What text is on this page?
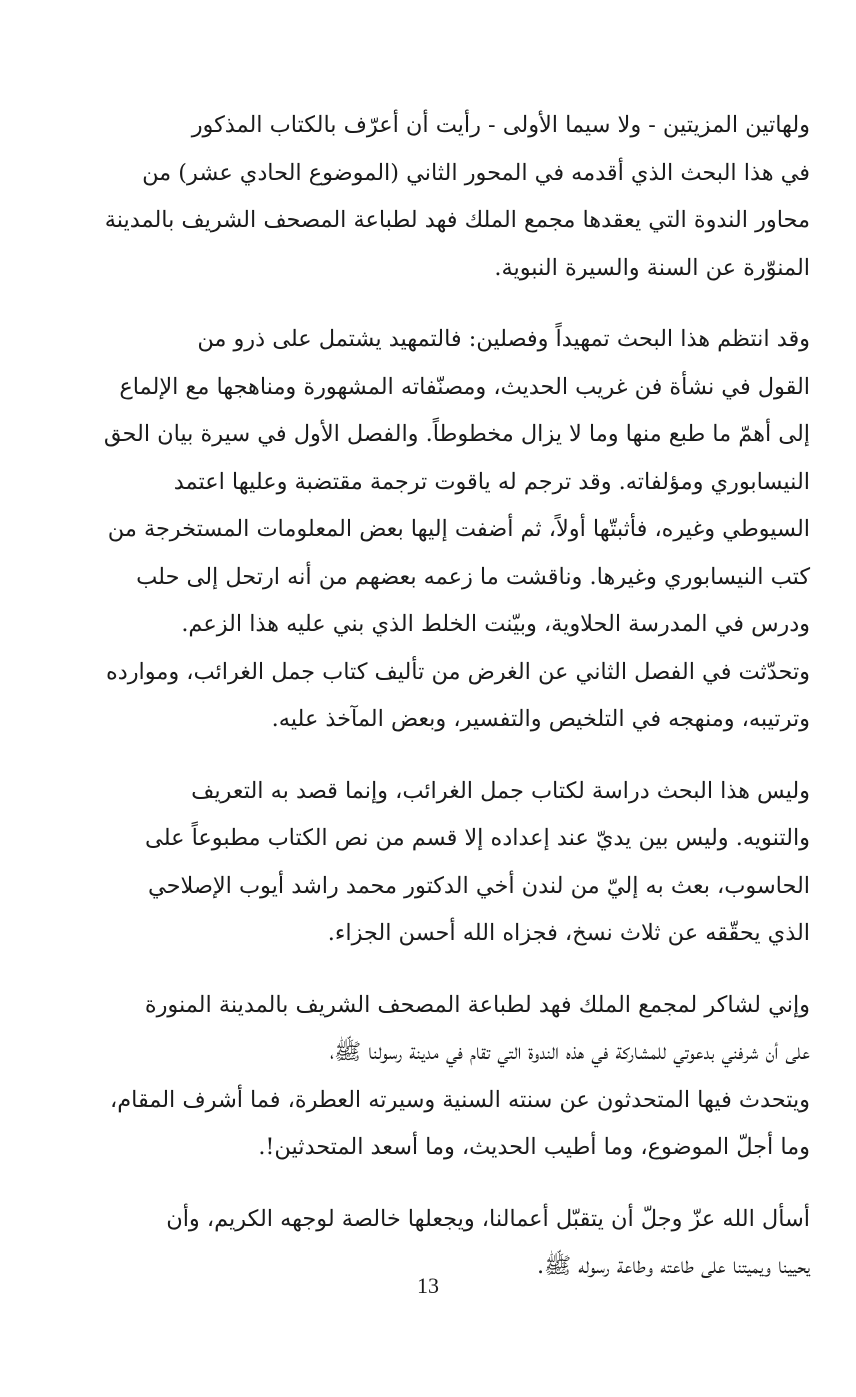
ولهاتين المزيتين - ولا سيما الأولى - رأيت أن أعرّف بالكتاب المذكور
في هذا البحث الذي أقدمه في المحور الثاني (الموضوع الحادي عشر) من
محاور الندوة التي يعقدها مجمع الملك فهد لطباعة المصحف الشريف بالمدينة
المنوّرة عن السنة والسيرة النبوية.

وقد انتظم هذا البحث تمهيداً وفصلين: فالتمهيد يشتمل على ذرو من
القول في نشأة فن غريب الحديث، ومصنّفاته المشهورة ومناهجها مع الإلماع
إلى أهمّ ما طبع منها وما لا يزال مخطوطاً. والفصل الأول في سيرة بيان الحق
النيسابوري ومؤلفاته. وقد ترجم له ياقوت ترجمة مقتضبة وعليها اعتمد
السيوطي وغيره، فأثبتّها أولاً، ثم أضفت إليها بعض المعلومات المستخرجة من
كتب النيسابوري وغيرها. وناقشت ما زعمه بعضهم من أنه ارتحل إلى حلب
ودرس في المدرسة الحلاوية، وبيّنت الخلط الذي بني عليه هذا الزعم.
وتحدّثت في الفصل الثاني عن الغرض من تأليف كتاب جمل الغرائب، وموارده
وترتيبه، ومنهجه في التلخيص والتفسير، وبعض المآخذ عليه.

وليس هذا البحث دراسة لكتاب جمل الغرائب، وإنما قصد به التعريف
والتنويه. وليس بين يديّ عند إعداده إلا قسم من نص الكتاب مطبوعاً على
الحاسوب، بعث به إليّ من لندن أخي الدكتور محمد راشد أيوب الإصلاحي
الذي يحقّقه عن ثلاث نسخ، فجزاه الله أحسن الجزاء.

وإني لشاكر لمجمع الملك فهد لطباعة المصحف الشريف بالمدينة المنورة
على أن شرفني بدعوتي للمشاركة في هذه الندوة التي تقام في مدينة رسولنا ﷺ،
ويتحدث فيها المتحدثون عن سنته السنية وسيرته العطرة، فما أشرف المقام،
وما أجلّ الموضوع، وما أطيب الحديث، وما أسعد المتحدثين!.

أسأل الله عزّ وجلّ أن يتقبّل أعمالنا، ويجعلها خالصة لوجهه الكريم، وأن
يحيينا ويميتنا على طاعته وطاعة رسوله ﷺ.

13
